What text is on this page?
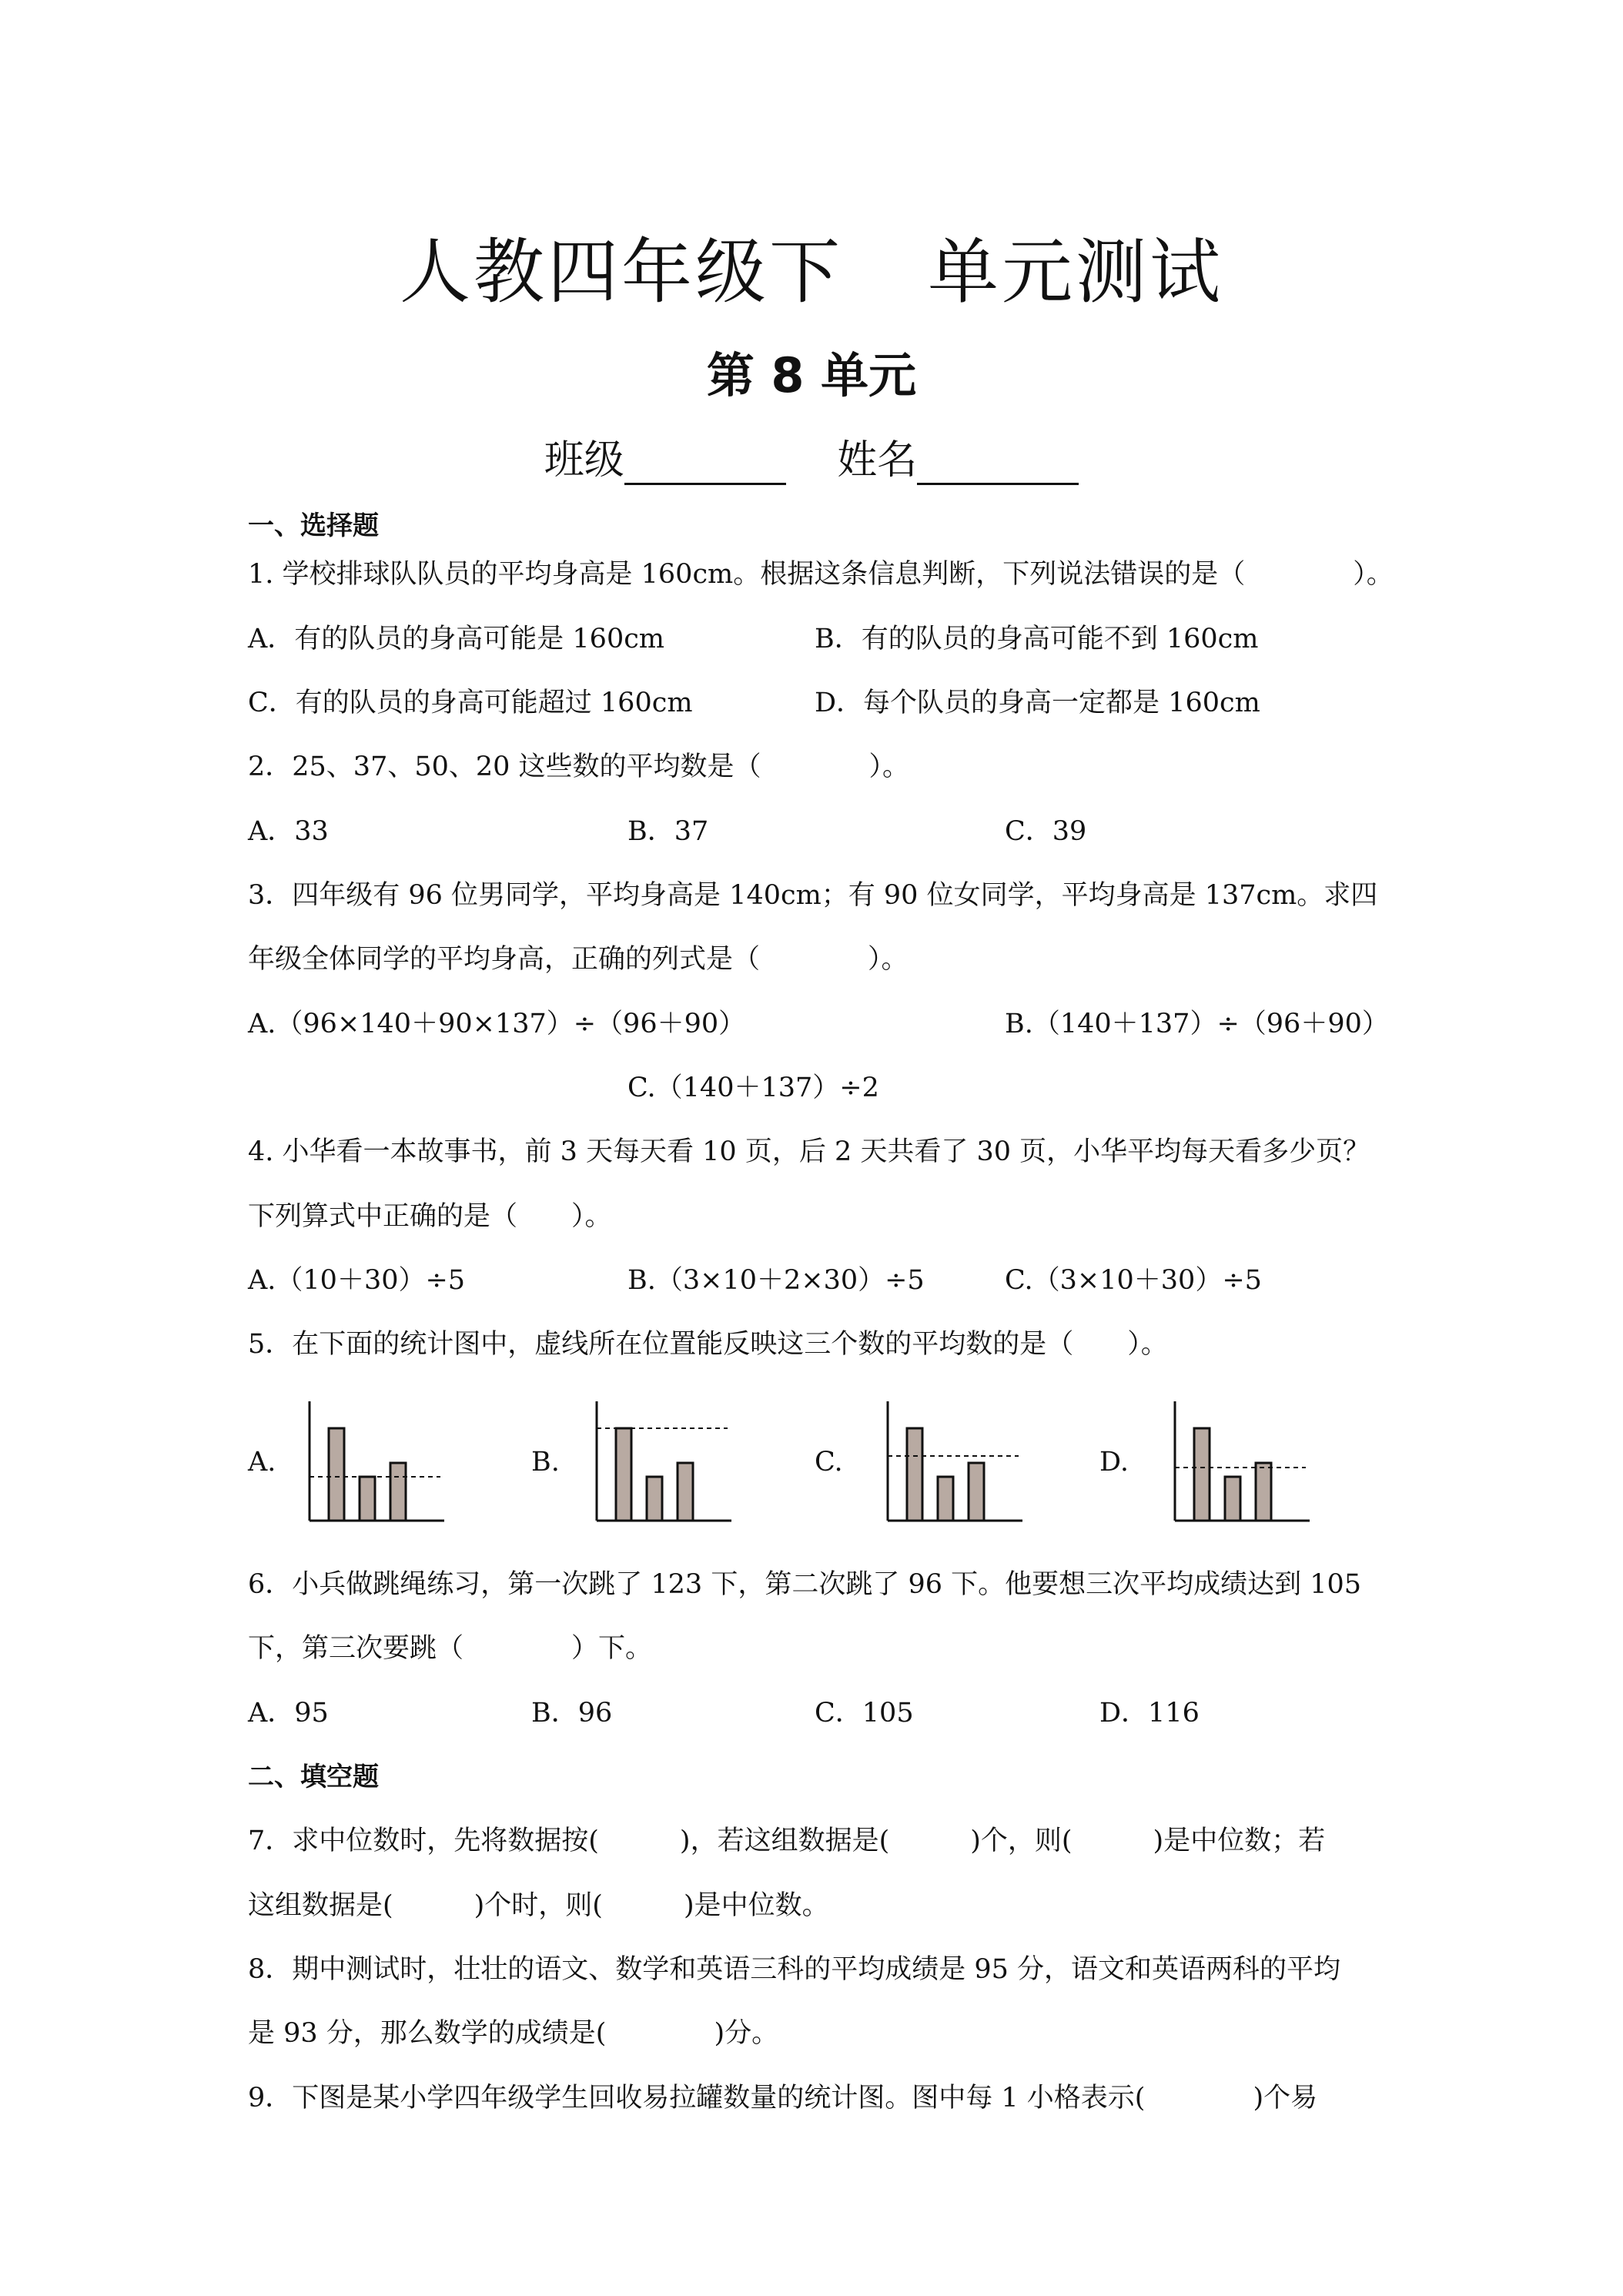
人教四年级下 单元测试
第 8 单元
班级	姓名
一、选择题
1. 学校排球队队员的平均身高是 160cm。根据这条信息判断，下列说法错误的是（　　　　）。
A．有的队员的身高可能是 160cm	B．有的队员的身高可能不到 160cm
C．有的队员的身高可能超过 160cm	D．每个队员的身高一定都是 160cm
2．25、37、50、20 这些数的平均数是（　　　　）。
A．33	B．37	C．39
3．四年级有 96 位男同学，平均身高是 140cm；有 90 位女同学，平均身高是 137cm。求四
年级全体同学的平均身高，正确的列式是（　　　　）。
A.（96×140＋90×137）÷（96＋90）	B.（140＋137）÷（96＋90）
C.（140＋137）÷2
4. 小华看一本故事书，前 3 天每天看 10 页，后 2 天共看了 30 页，小华平均每天看多少页？
下列算式中正确的是（　　）。
A.（10＋30）÷5	B.（3×10＋2×30）÷5	C.（3×10＋30）÷5
5．在下面的统计图中，虚线所在位置能反映这三个数的平均数的是（　　）。
A.	B.	C.	D.
6．小兵做跳绳练习，第一次跳了 123 下，第二次跳了 96 下。他要想三次平均成绩达到 105
下，第三次要跳（　　　　）下。
A．95	B．96	C．105	D．116
二、填空题
7．求中位数时，先将数据按(　　　)，若这组数据是(　　　)个，则(　　　)是中位数；若
这组数据是(　　　)个时，则(　　　)是中位数。
8．期中测试时，壮壮的语文、数学和英语三科的平均成绩是 95 分，语文和英语两科的平均
是 93 分，那么数学的成绩是(　　　　)分。
9．下图是某小学四年级学生回收易拉罐数量的统计图。图中每 1 小格表示(　　　　)个易
